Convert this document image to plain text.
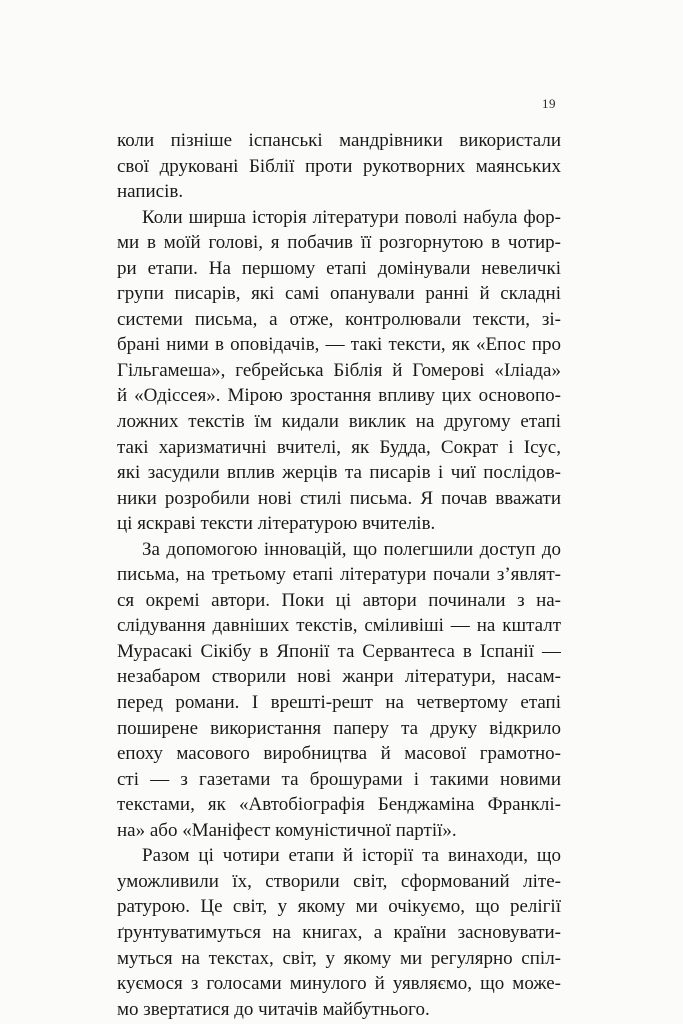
19
коли пізніше іспанські мандрівники використали
свої друковані Біблії проти рукотворних маянських
написів.
Коли ширша історія літератури поволі набула фор-
ми в моїй голові, я побачив її розгорнутою в чотир-
ри етапи. На першому етапі домінували невеличкі
групи писарів, які самі опанували ранні й складні
системи письма, а отже, контролювали тексти, зі-
брані ними в оповідачів, — такі тексти, як «Епос про
Гільгамеша», гебрейська Біблія й Гомерові «Іліада»
й «Одіссея». Мірою зростання впливу цих основопо-
ложних текстів їм кидали виклик на другому етапі
такі харизматичні вчителі, як Будда, Сократ і Ісус,
які засудили вплив жерців та писарів і чиї послідов-
ники розробили нові стилі письма. Я почав вважати
ці яскраві тексти літературою вчителів.
За допомогою інновацій, що полегшили доступ до
письма, на третьому етапі літератури почали з’являт-
ся окремі автори. Поки ці автори починали з на-
слідування давніших текстів, сміливіші — на кшталт
Мурасакі Сікібу в Японії та Сервантеса в Іспанії —
незабаром створили нові жанри літератури, насам-
перед романи. І врешті-решт на четвертому етапі
поширене використання паперу та друку відкрило
епоху масового виробництва й масової грамотно-
сті — з газетами та брошурами і такими новими
текстами, як «Автобіографія Бенджаміна Франклі-
на» або «Маніфест комуністичної партії».
Разом ці чотири етапи й історії та винаходи, що
уможливили їх, створили світ, сформований літе-
ратурою. Це світ, у якому ми очікуємо, що релігії
ґрунтуватимуться на книгах, а країни засновувати-
муться на текстах, світ, у якому ми регулярно спіл-
куємося з голосами минулого й уявляємо, що може-
мо звертатися до читачів майбутнього.
